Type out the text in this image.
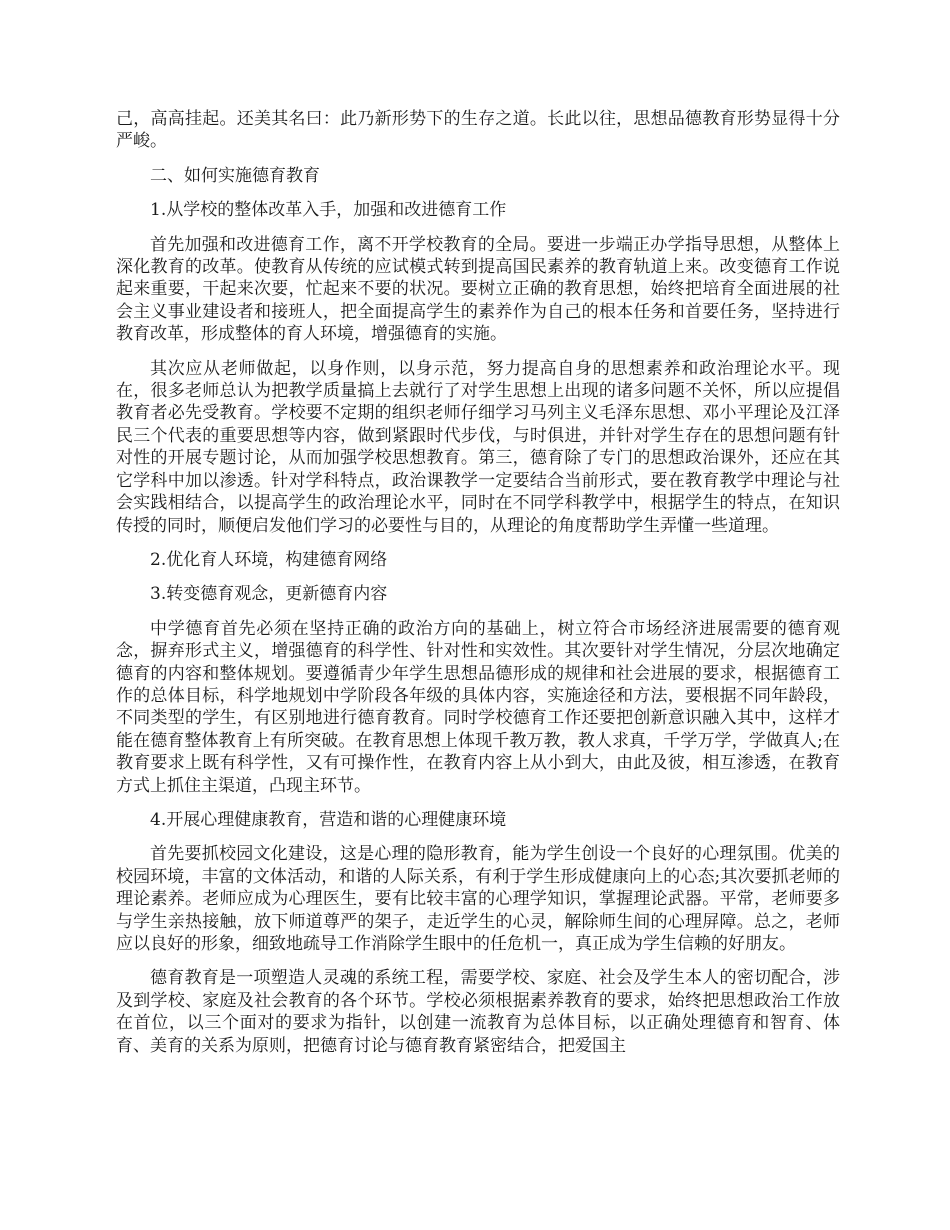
己，高高挂起。还美其名曰：此乃新形势下的生存之道。长此以往，思想品德教育形势显得十分严峻。

二、如何实施德育教育

1.从学校的整体改革入手，加强和改进德育工作

首先加强和改进德育工作，离不开学校教育的全局。要进一步端正办学指导思想，从整体上深化教育的改革。使教育从传统的应试模式转到提高国民素养的教育轨道上来。改变德育工作说起来重要，干起来次要，忙起来不要的状况。要树立正确的教育思想，始终把培育全面进展的社会主义事业建设者和接班人，把全面提高学生的素养作为自己的根本任务和首要任务，坚持进行教育改革，形成整体的育人环境，增强德育的实施。

其次应从老师做起，以身作则，以身示范，努力提高自身的思想素养和政治理论水平。现在，很多老师总认为把教学质量搞上去就行了对学生思想上出现的诸多问题不关怀，所以应提倡教育者必先受教育。学校要不定期的组织老师仔细学习马列主义毛泽东思想、邓小平理论及江泽民三个代表的重要思想等内容，做到紧跟时代步伐，与时俱进，并针对学生存在的思想问题有针对性的开展专题讨论，从而加强学校思想教育。第三，德育除了专门的思想政治课外，还应在其它学科中加以渗透。针对学科特点，政治课教学一定要结合当前形式，要在教育教学中理论与社会实践相结合，以提高学生的政治理论水平，同时在不同学科教学中，根据学生的特点，在知识传授的同时，顺便启发他们学习的必要性与目的，从理论的角度帮助学生弄懂一些道理。

2.优化育人环境，构建德育网络

3.转变德育观念，更新德育内容

中学德育首先必须在坚持正确的政治方向的基础上，树立符合市场经济进展需要的德育观念，摒弃形式主义，增强德育的科学性、针对性和实效性。其次要针对学生情况，分层次地确定德育的内容和整体规划。要遵循青少年学生思想品德形成的规律和社会进展的要求，根据德育工作的总体目标，科学地规划中学阶段各年级的具体内容，实施途径和方法，要根据不同年龄段，不同类型的学生，有区别地进行德育教育。同时学校德育工作还要把创新意识融入其中，这样才能在德育整体教育上有所突破。在教育思想上体现千教万教，教人求真，千学万学，学做真人;在教育要求上既有科学性，又有可操作性，在教育内容上从小到大，由此及彼，相互渗透，在教育方式上抓住主渠道，凸现主环节。

4.开展心理健康教育，营造和谐的心理健康环境

首先要抓校园文化建设，这是心理的隐形教育，能为学生创设一个良好的心理氛围。优美的校园环境，丰富的文体活动，和谐的人际关系，有利于学生形成健康向上的心态;其次要抓老师的理论素养。老师应成为心理医生，要有比较丰富的心理学知识，掌握理论武器。平常，老师要多与学生亲热接触，放下师道尊严的架子，走近学生的心灵，解除师生间的心理屏障。总之，老师应以良好的形象，细致地疏导工作消除学生眼中的任危机一，真正成为学生信赖的好朋友。

德育教育是一项塑造人灵魂的系统工程，需要学校、家庭、社会及学生本人的密切配合，涉及到学校、家庭及社会教育的各个环节。学校必须根据素养教育的要求，始终把思想政治工作放在首位，以三个面对的要求为指针，以创建一流教育为总体目标，以正确处理德育和智育、体育、美育的关系为原则，把德育讨论与德育教育紧密结合，把爱国主
